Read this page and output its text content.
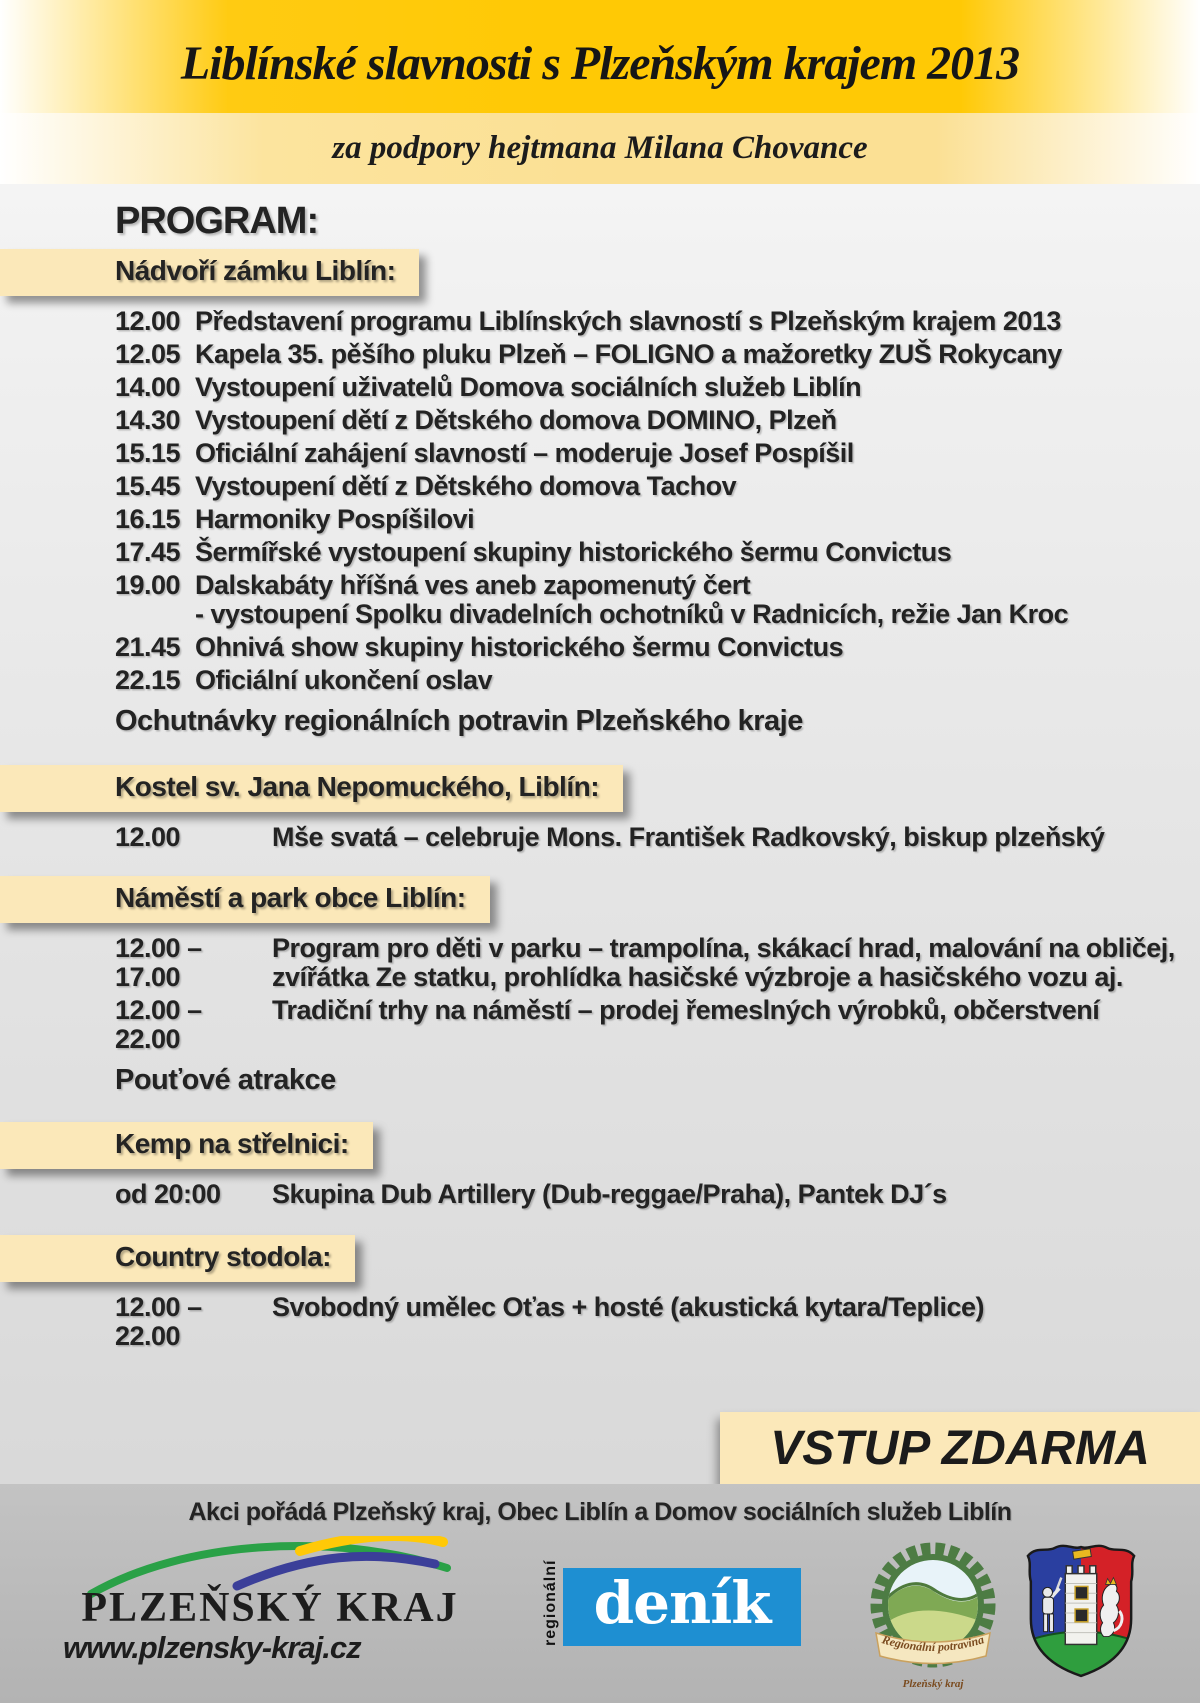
Liblínské slavnosti s Plzeňským krajem 2013
za podpory hejtmana Milana Chovance
PROGRAM:
Nádvoří zámku Liblín:

12.00 Představení programu Liblínských slavností s Plzeňským krajem 2013
12.05 Kapela 35. pěšího pluku Plzeň – FOLIGNO a mažoretky ZUŠ Rokycany
14.00 Vystoupení uživatelů Domova sociálních služeb Liblín
14.30 Vystoupení dětí z Dětského domova DOMINO, Plzeň
15.15 Oficiální zahájení slavností – moderuje Josef Pospíšil
15.45 Vystoupení dětí z Dětského domova Tachov
16.15 Harmoniky Pospíšilovi
17.45 Šermířské vystoupení skupiny historického šermu Convictus
19.00 Dalskabáty hříšná ves aneb zapomenutý čert
- vystoupení Spolku divadelních ochotníků v Radnicích, režie Jan Kroc
21.45 Ohnivá show skupiny historického šermu Convictus
22.15 Oficiální ukončení oslav
Ochutnávky regionálních potravin Plzeňského kraje
Kostel sv. Jana Nepomuckého, Liblín:

12.00	Mše svatá – celebruje Mons. František Radkovský, biskup plzeňský
Náměstí a park obce Liblín:

12.00 – 17.00
Program pro děti v parku – trampolína, skákací hrad, malování na obličej,
zvířátka Ze statku, prohlídka hasičské výzbroje a hasičského vozu aj.
12.00 – 22.00
Tradiční trhy na náměstí – prodej řemeslných výrobků, občerstvení
Pouťové atrakce
Kemp na střelnici:

od 20:00	Skupina Dub Artillery (Dub-reggae/Praha), Pantek DJ´s
Country stodola:

12.00 – 22.00
Svobodný umělec Oťas + hosté (akustická kytara/Teplice)
VSTUP ZDARMA
Akci pořádá Plzeňský kraj, Obec Liblín a Domov sociálních služeb Liblín
PLZEŇSKÝ KRAJ
www.plzensky-kraj.cz
regionální deník
Regionální potravina
Plzeňský kraj
